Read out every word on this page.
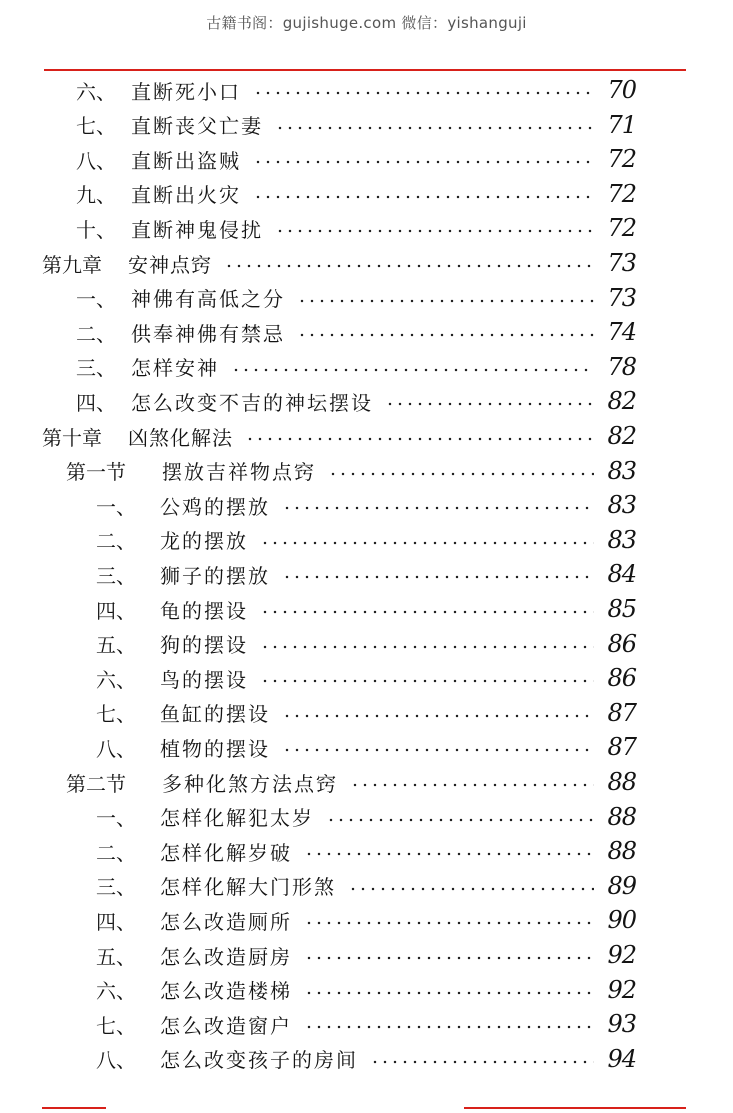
古籍书阁：gujishuge.com 微信：yishanguji
六、 直断死小口	70
七、 直断丧父亡妻	71
八、 直断出盗贼	72
九、 直断出火灾	72
十、 直断神鬼侵扰	72
第九章	安神点窍	73
一、 神佛有高低之分	73
二、 供奉神佛有禁忌	74
三、 怎样安神	78
四、 怎么改变不吉的神坛摆设	82
第十章	凶煞化解法	82
第一节	摆放吉祥物点窍	83
一、	公鸡的摆放	83
二、	龙的摆放	83
三、	狮子的摆放	84
四、	龟的摆设	85
五、	狗的摆设	86
六、	鸟的摆设	86
七、	鱼缸的摆设	87
八、	植物的摆设	87
第二节	多种化煞方法点窍	88
一、	怎样化解犯太岁	88
二、	怎样化解岁破	88
三、	怎样化解大门形煞	89
四、	怎么改造厕所	90
五、	怎么改造厨房	92
六、	怎么改造楼梯	92
七、	怎么改造窗户	93
八、	怎么改变孩子的房间	94
